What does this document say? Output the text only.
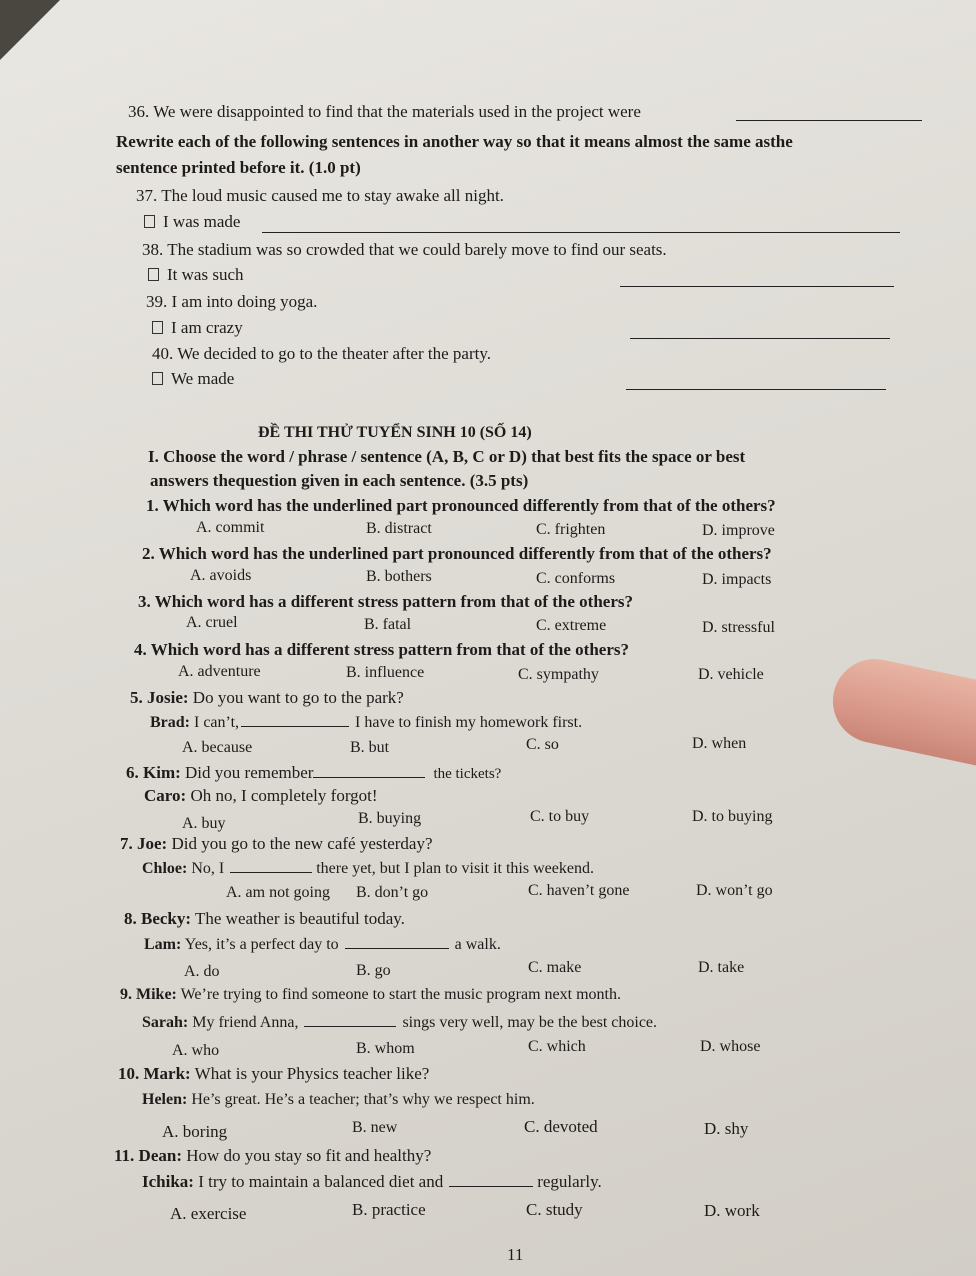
36. We were disappointed to find that the materials used in the project were
Rewrite each of the following sentences in another way so that it means almost the same asthe
sentence printed before it. (1.0 pt)
37. The loud music caused me to stay awake all night.
I was made
38. The stadium was so crowded that we could barely move to find our seats.
It was such
39. I am into doing yoga.
I am crazy
40. We decided to go to the theater after the party.
We made
ĐỀ THI THỬ TUYỂN SINH 10 (SỐ 14)
I. Choose the word / phrase / sentence (A, B, C or D) that best fits the space or best
answers thequestion given in each sentence. (3.5 pts)
1. Which word has the underlined part pronounced differently from that of the others?
A. commit	B. distract	C. frighten	D. improve
2. Which word has the underlined part pronounced differently from that of the others?
A. avoids	B. bothers	C. conforms	D. impacts
3. Which word has a different stress pattern from that of the others?
A. cruel	B. fatal	C. extreme	D. stressful
4. Which word has a different stress pattern from that of the others?
A. adventure	B. influence	C. sympathy	D. vehicle
5. Josie: Do you want to go to the park?
Brad: I can’t,	I have to finish my homework first.
A. because	B. but	C. so	D. when
6. Kim: Did you remember	the tickets?
Caro: Oh no, I completely forgot!
A. buy	B. buying	C. to buy	D. to buying
7. Joe: Did you go to the new café yesterday?
Chloe: No, I	there yet, but I plan to visit it this weekend.
A. am not going B. don’t go	C. haven’t gone	D. won’t go
8. Becky: The weather is beautiful today.
Lam: Yes, it’s a perfect day to	a walk.
A. do	B. go	C. make	D. take
9. Mike: We’re trying to find someone to start the music program next month.
Sarah: My friend Anna,	sings very well, may be the best choice.
A. who	B. whom	C. which	D. whose
10. Mark: What is your Physics teacher like?
Helen: He’s great. He’s a teacher; that’s why we respect him.
A. boring	B. new	C. devoted	D. shy
11. Dean: How do you stay so fit and healthy?
Ichika: I try to maintain a balanced diet and	regularly.
A. exercise	B. practice	C. study	D. work
11
